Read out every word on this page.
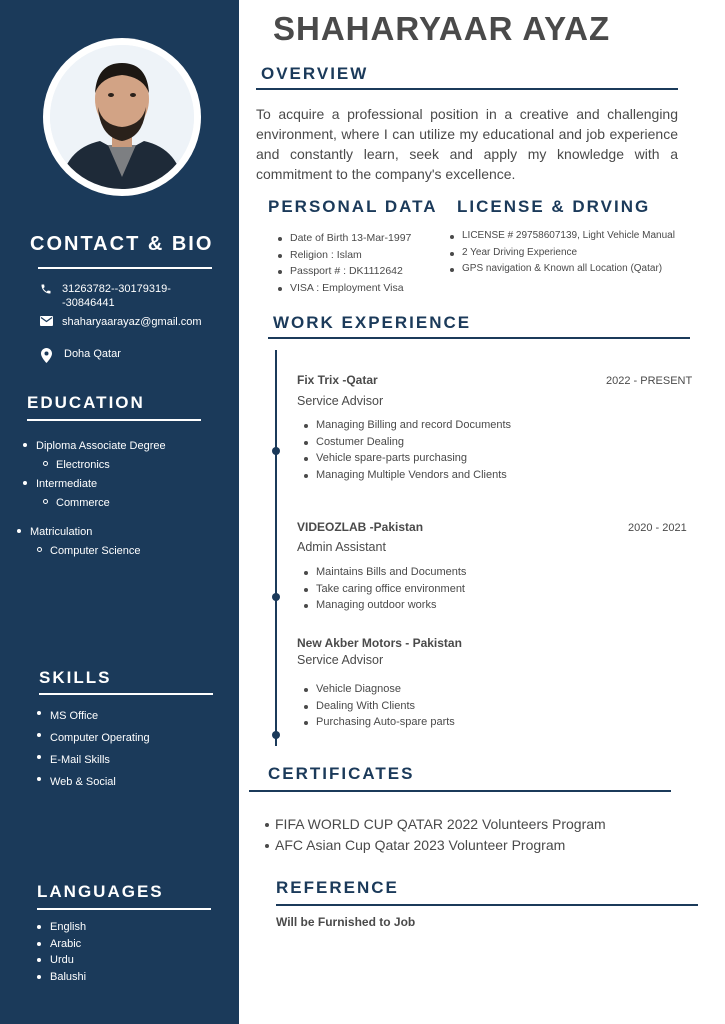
CONTACT & BIO
31263782--30179319-
-30846441
shaharyaarayaz@gmail.com
Doha Qatar
EDUCATION
Diploma Associate Degree
Electronics
Intermediate
Commerce
Matriculation
Computer Science
SKILLS
MS Office
Computer Operating
E-Mail Skills
Web & Social
LANGUAGES
English
Arabic
Urdu
Balushi
SHAHARYAAR AYAZ
OVERVIEW
To acquire a professional position in a creative and challenging environment, where I can utilize my educational and job experience and constantly learn, seek and apply my knowledge with a commitment to the company's excellence.
PERSONAL DATA
Date of Birth 13-Mar-1997
Religion : Islam
Passport # : DK1112642
VISA : Employment Visa
LICENSE & DRVING
LICENSE # 29758607139, Light Vehicle Manual
2 Year Driving Experience
GPS navigation & Known all Location (Qatar)
WORK EXPERIENCE
Fix Trix -Qatar	2022 - PRESENT
Service Advisor
Managing Billing and record Documents
Costumer Dealing
Vehicle spare-parts purchasing
Managing Multiple Vendors and Clients
VIDEOZLAB -Pakistan	2020 - 2021
Admin Assistant
Maintains Bills and Documents
Take caring office environment
Managing outdoor works
New Akber Motors - Pakistan
Service Advisor
Vehicle Diagnose
Dealing With Clients
Purchasing Auto-spare parts
CERTIFICATES
FIFA WORLD CUP QATAR 2022 Volunteers Program
AFC Asian Cup Qatar 2023 Volunteer Program
REFERENCE
Will be Furnished to Job
